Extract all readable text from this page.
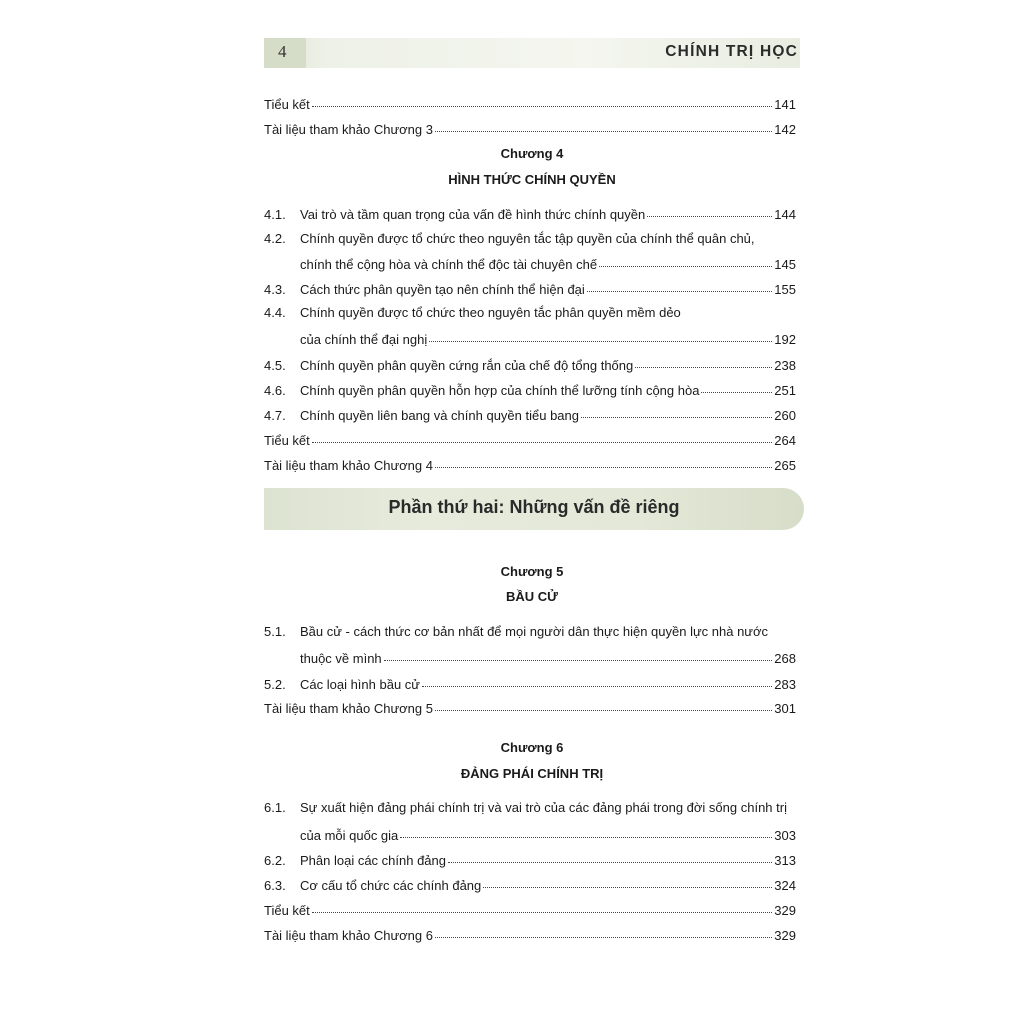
4	CHÍNH TRỊ HỌC
Tiểu kết	141
Tài liệu tham khảo Chương 3	142
Chương 4
HÌNH THỨC CHÍNH QUYỀN
4.1.	Vai trò và tầm quan trọng của vấn đề hình thức chính quyền	144
4.2. Chính quyền được tổ chức theo nguyên tắc tập quyền của chính thể quân chủ,
chính thể cộng hòa và chính thể độc tài chuyên chế	145
4.3.	Cách thức phân quyền tạo nên chính thể hiện đại	155
4.4. Chính quyền được tổ chức theo nguyên tắc phân quyền mềm dẻo
của chính thể đại nghị	192
4.5.	Chính quyền phân quyền cứng rắn của chế độ tổng thống	238
4.6.	Chính quyền phân quyền hỗn hợp của chính thể lưỡng tính cộng hòa	251
4.7.	Chính quyền liên bang và chính quyền tiểu bang	260
Tiểu kết	264
Tài liệu tham khảo Chương 4	265
Phần thứ hai: Những vấn đề riêng
Chương 5
BẦU CỬ
5.1. Bầu cử - cách thức cơ bản nhất để mọi người dân thực hiện quyền lực nhà nước
thuộc về mình	268
5.2.	Các loại hình bầu cử	283
Tài liệu tham khảo Chương 5	301
Chương 6
ĐẢNG PHÁI CHÍNH TRỊ
6.1. Sự xuất hiện đảng phái chính trị và vai trò của các đảng phái trong đời sống chính trị
của mỗi quốc gia	303
6.2.	Phân loại các chính đảng	313
6.3.	Cơ cấu tổ chức các chính đảng	324
Tiểu kết	329
Tài liệu tham khảo Chương 6	329
